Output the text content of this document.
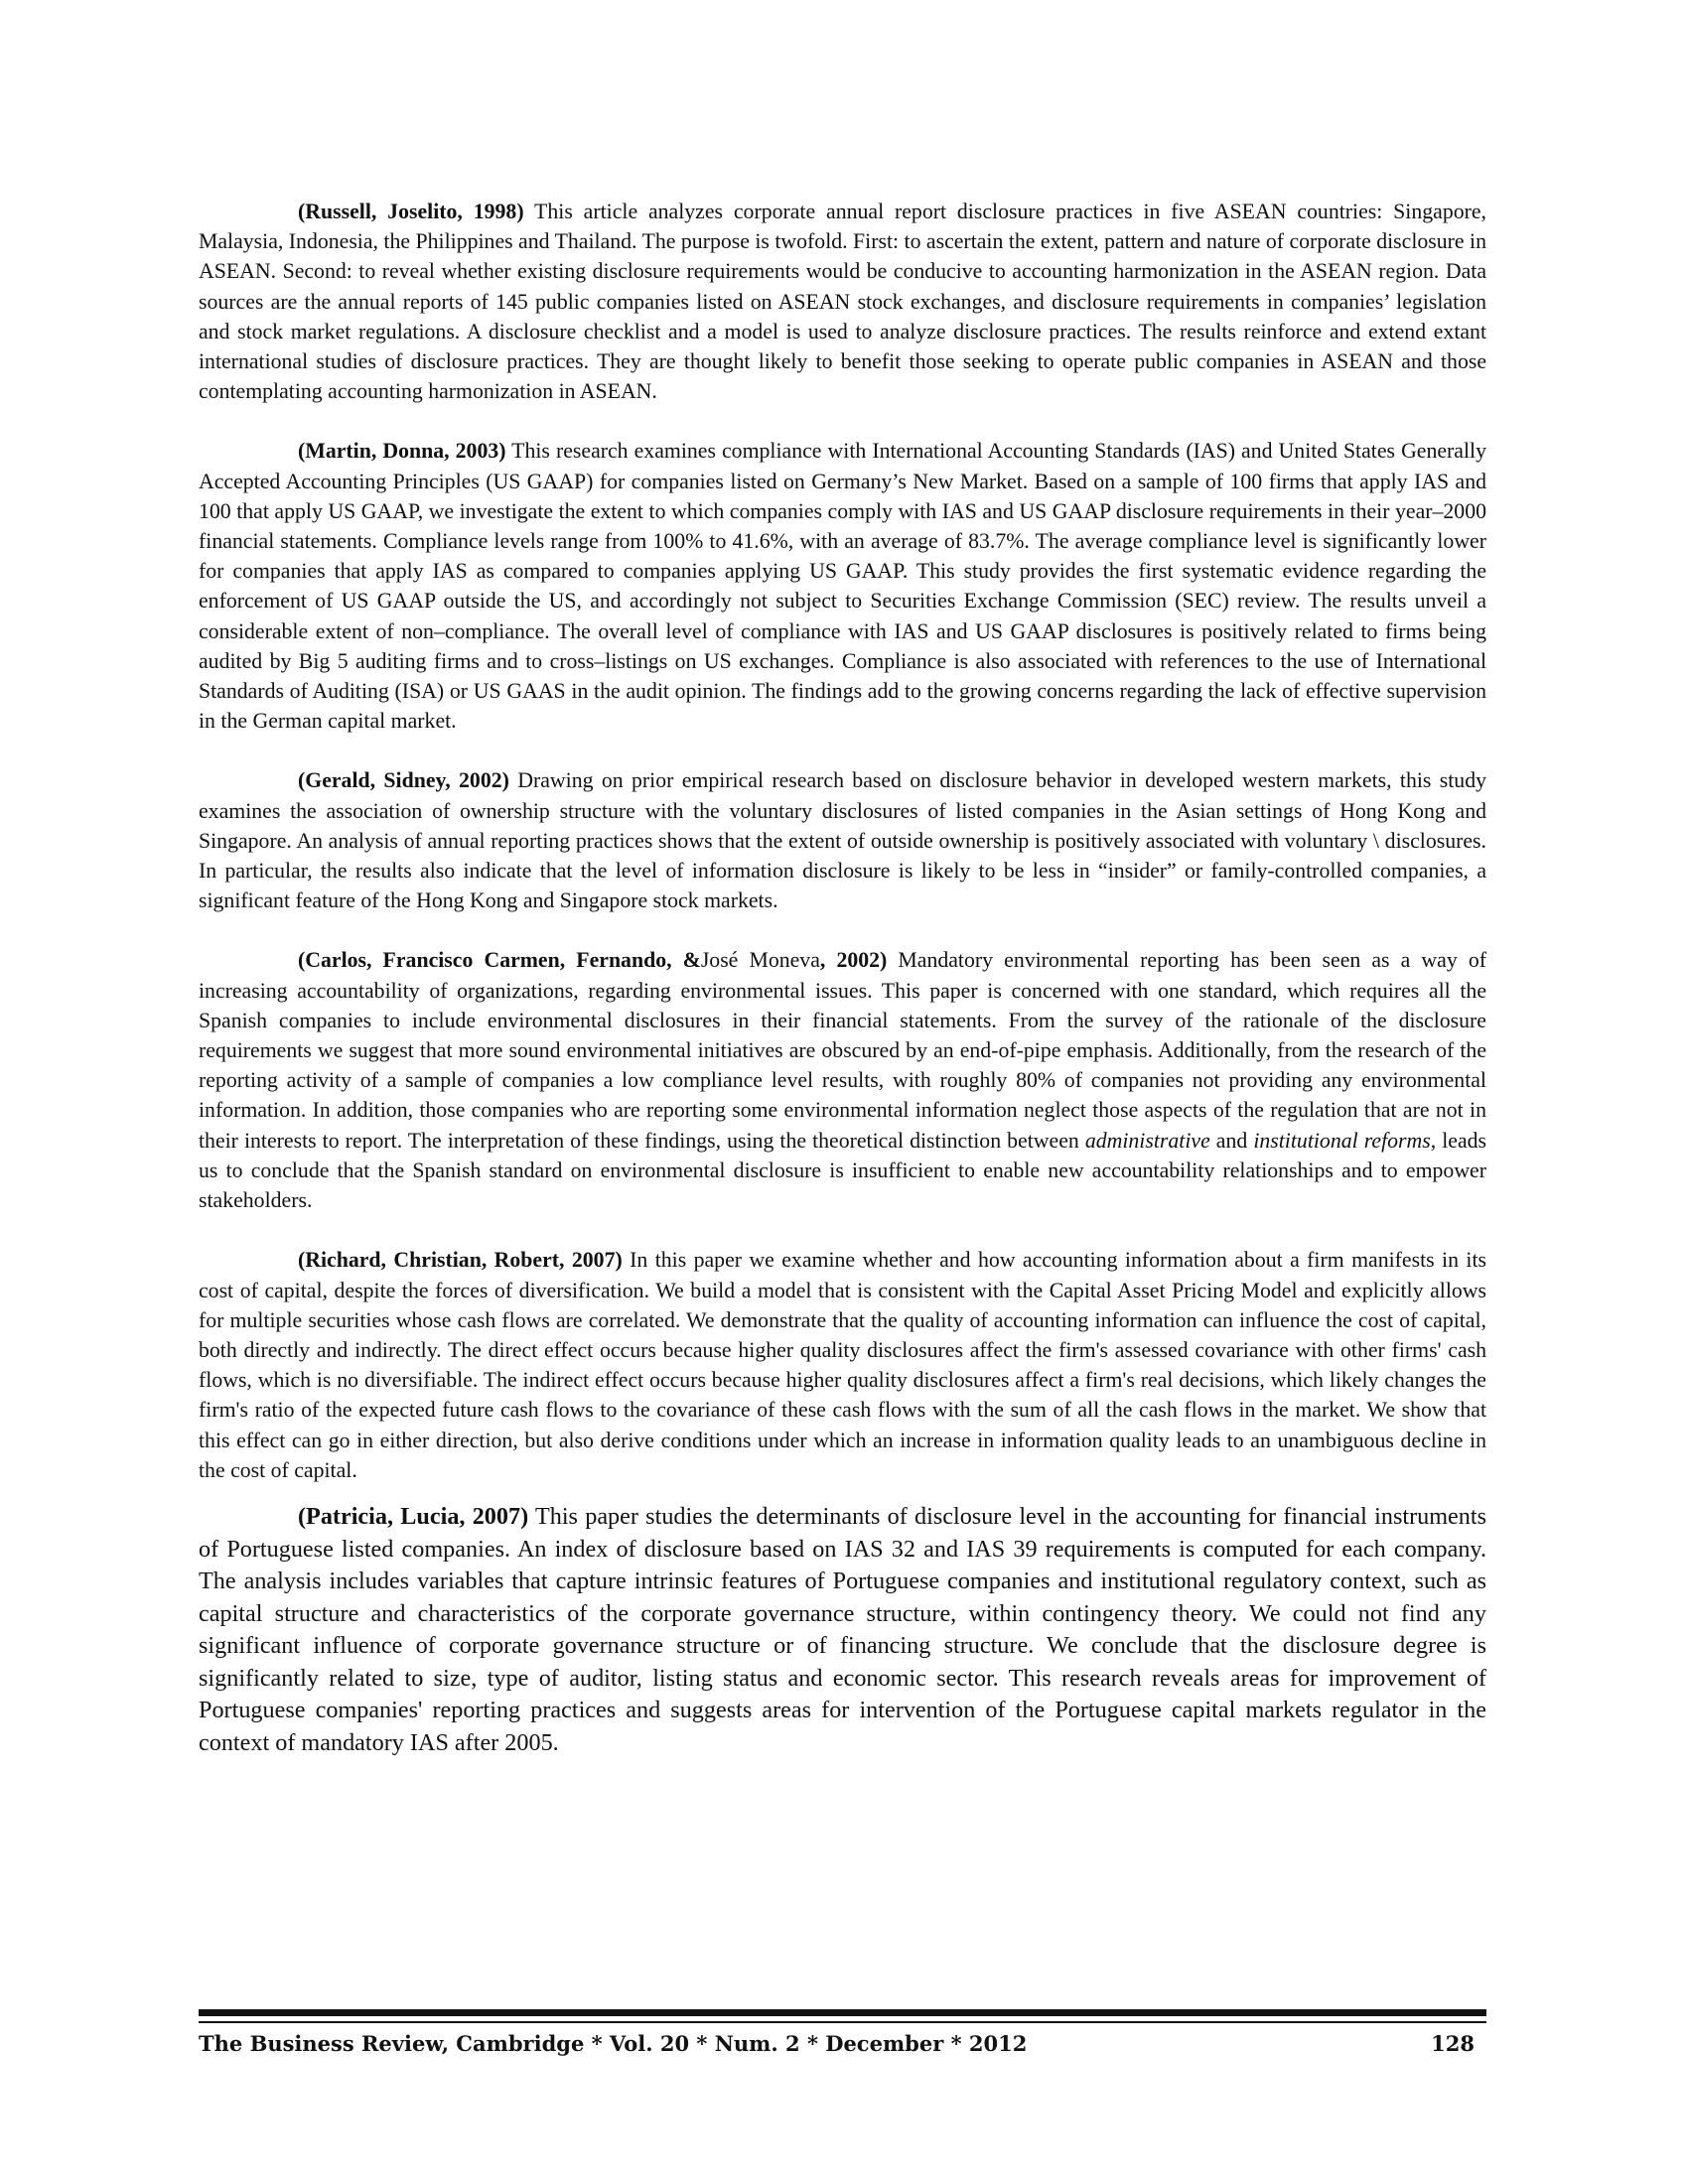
(Russell, Joselito, 1998) This article analyzes corporate annual report disclosure practices in five ASEAN countries: Singapore, Malaysia, Indonesia, the Philippines and Thailand. The purpose is twofold. First: to ascertain the extent, pattern and nature of corporate disclosure in ASEAN. Second: to reveal whether existing disclosure requirements would be conducive to accounting harmonization in the ASEAN region. Data sources are the annual reports of 145 public companies listed on ASEAN stock exchanges, and disclosure requirements in companies’ legislation and stock market regulations. A disclosure checklist and a model is used to analyze disclosure practices. The results reinforce and extend extant international studies of disclosure practices. They are thought likely to benefit those seeking to operate public companies in ASEAN and those contemplating accounting harmonization in ASEAN.

(Martin, Donna, 2003) This research examines compliance with International Accounting Standards (IAS) and United States Generally Accepted Accounting Principles (US GAAP) for companies listed on Germany’s New Market. Based on a sample of 100 firms that apply IAS and 100 that apply US GAAP, we investigate the extent to which companies comply with IAS and US GAAP disclosure requirements in their year–2000 financial statements. Compliance levels range from 100% to 41.6%, with an average of 83.7%. The average compliance level is significantly lower for companies that apply IAS as compared to companies applying US GAAP. This study provides the first systematic evidence regarding the enforcement of US GAAP outside the US, and accordingly not subject to Securities Exchange Commission (SEC) review. The results unveil a considerable extent of non–compliance. The overall level of compliance with IAS and US GAAP disclosures is positively related to firms being audited by Big 5 auditing firms and to cross–listings on US exchanges. Compliance is also associated with references to the use of International Standards of Auditing (ISA) or US GAAS in the audit opinion. The findings add to the growing concerns regarding the lack of effective supervision in the German capital market.

(Gerald, Sidney, 2002) Drawing on prior empirical research based on disclosure behavior in developed western markets, this study examines the association of ownership structure with the voluntary disclosures of listed companies in the Asian settings of Hong Kong and Singapore. An analysis of annual reporting practices shows that the extent of outside ownership is positively associated with voluntary \ disclosures. In particular, the results also indicate that the level of information disclosure is likely to be less in “insider” or family-controlled companies, a significant feature of the Hong Kong and Singapore stock markets.

(Carlos, Francisco Carmen, Fernando, &José Moneva, 2002) Mandatory environmental reporting has been seen as a way of increasing accountability of organizations, regarding environmental issues. This paper is concerned with one standard, which requires all the Spanish companies to include environmental disclosures in their financial statements. From the survey of the rationale of the disclosure requirements we suggest that more sound environmental initiatives are obscured by an end-of-pipe emphasis. Additionally, from the research of the reporting activity of a sample of companies a low compliance level results, with roughly 80% of companies not providing any environmental information. In addition, those companies who are reporting some environmental information neglect those aspects of the regulation that are not in their interests to report. The interpretation of these findings, using the theoretical distinction between administrative and institutional reforms, leads us to conclude that the Spanish standard on environmental disclosure is insufficient to enable new accountability relationships and to empower stakeholders.

(Richard, Christian, Robert, 2007) In this paper we examine whether and how accounting information about a firm manifests in its cost of capital, despite the forces of diversification. We build a model that is consistent with the Capital Asset Pricing Model and explicitly allows for multiple securities whose cash flows are correlated. We demonstrate that the quality of accounting information can influence the cost of capital, both directly and indirectly. The direct effect occurs because higher quality disclosures affect the firm's assessed covariance with other firms' cash flows, which is no diversifiable. The indirect effect occurs because higher quality disclosures affect a firm's real decisions, which likely changes the firm's ratio of the expected future cash flows to the covariance of these cash flows with the sum of all the cash flows in the market. We show that this effect can go in either direction, but also derive conditions under which an increase in information quality leads to an unambiguous decline in the cost of capital.

(Patricia, Lucia, 2007) This paper studies the determinants of disclosure level in the accounting for financial instruments of Portuguese listed companies. An index of disclosure based on IAS 32 and IAS 39 requirements is computed for each company. The analysis includes variables that capture intrinsic features of Portuguese companies and institutional regulatory context, such as capital structure and characteristics of the corporate governance structure, within contingency theory. We could not find any significant influence of corporate governance structure or of financing structure. We conclude that the disclosure degree is significantly related to size, type of auditor, listing status and economic sector. This research reveals areas for improvement of Portuguese companies' reporting practices and suggests areas for intervention of the Portuguese capital markets regulator in the context of mandatory IAS after 2005.

The Business Review, Cambridge * Vol. 20 * Num. 2 * December * 2012	128
